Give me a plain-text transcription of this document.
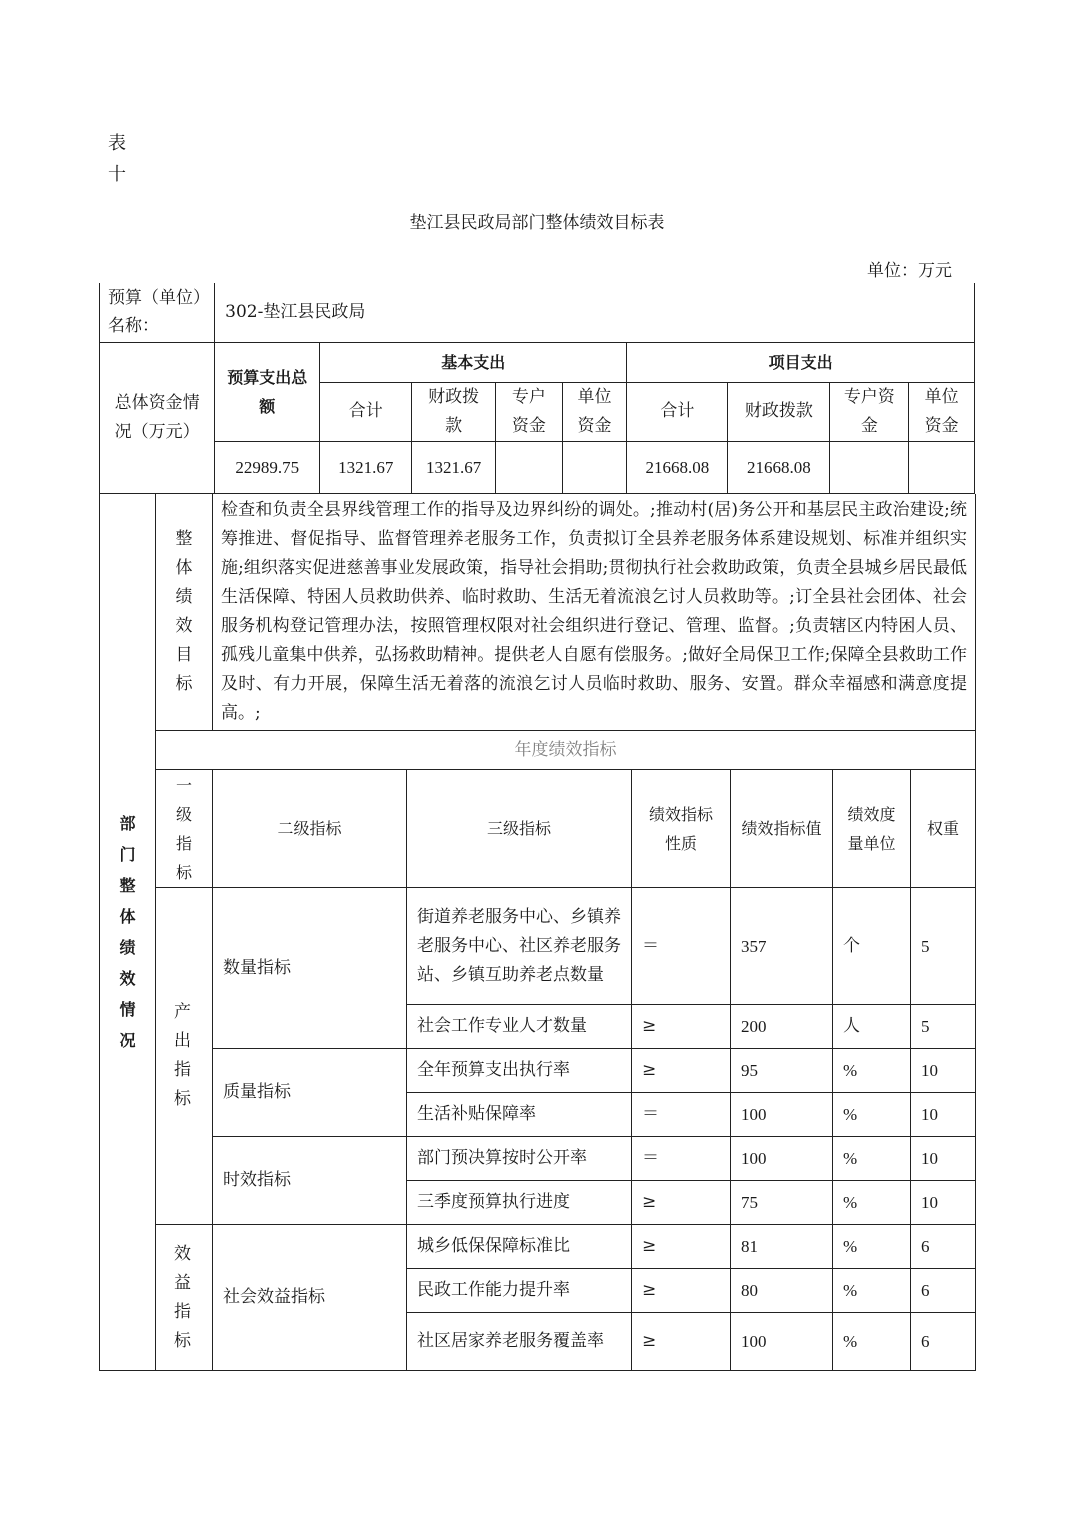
表
十
垫江县民政局部门整体绩效目标表
单位：万元
预算（单位）名称：	302-垫江县民政局								
总体资金情况（万元）	预算支出总额	基本支出				项目支出			
		合计	财政拨款	专户资金	单位资金	合计	财政拨款	专户资金	单位资金
	22989.75	1321.67	1321.67			21668.08	21668.08		
部门整体绩效情况	整体绩效目标	检查和负责全县界线管理工作的指导及边界纠纷的调处。;推动村(居)务公开和基层民主政治建设;统筹推进、督促指导、监督管理养老服务工作，负责拟订全县养老服务体系建设规划、标准并组织实施;组织落实促进慈善事业发展政策，指导社会捐助;贯彻执行社会救助政策，负责全县城乡居民最低生活保障、特困人员救助供养、临时救助、生活无着流浪乞讨人员救助等。;订全县社会团体、社会服务机构登记管理办法，按照管理权限对社会组织进行登记、管理、监督。;负责辖区内特困人员、孤残儿童集中供养，弘扬救助精神。提供老人自愿有偿服务。;做好全局保卫工作;保障全县救助工作及时、有力开展，保障生活无着落的流浪乞讨人员临时救助、服务、安置。群众幸福感和满意度提高。;					
	年度绩效指标						
	一级指标	二级指标	三级指标	绩效指标性质	绩效指标值	绩效度量单位	权重
	产出指标	数量指标	街道养老服务中心、乡镇养老服务中心、社区养老服务站、乡镇互助养老点数量	＝	357	个	5
			社会工作专业人才数量	≥	200	人	5
		质量指标	全年预算支出执行率	≥	95	%	10
			生活补贴保障率	＝	100	%	10
		时效指标	部门预决算按时公开率	＝	100	%	10
			三季度预算执行进度	≥	75	%	10
	效益指标	社会效益指标	城乡低保保障标准比	≥	81	%	6
			民政工作能力提升率	≥	80	%	6
			社区居家养老服务覆盖率	≥	100	%	6
